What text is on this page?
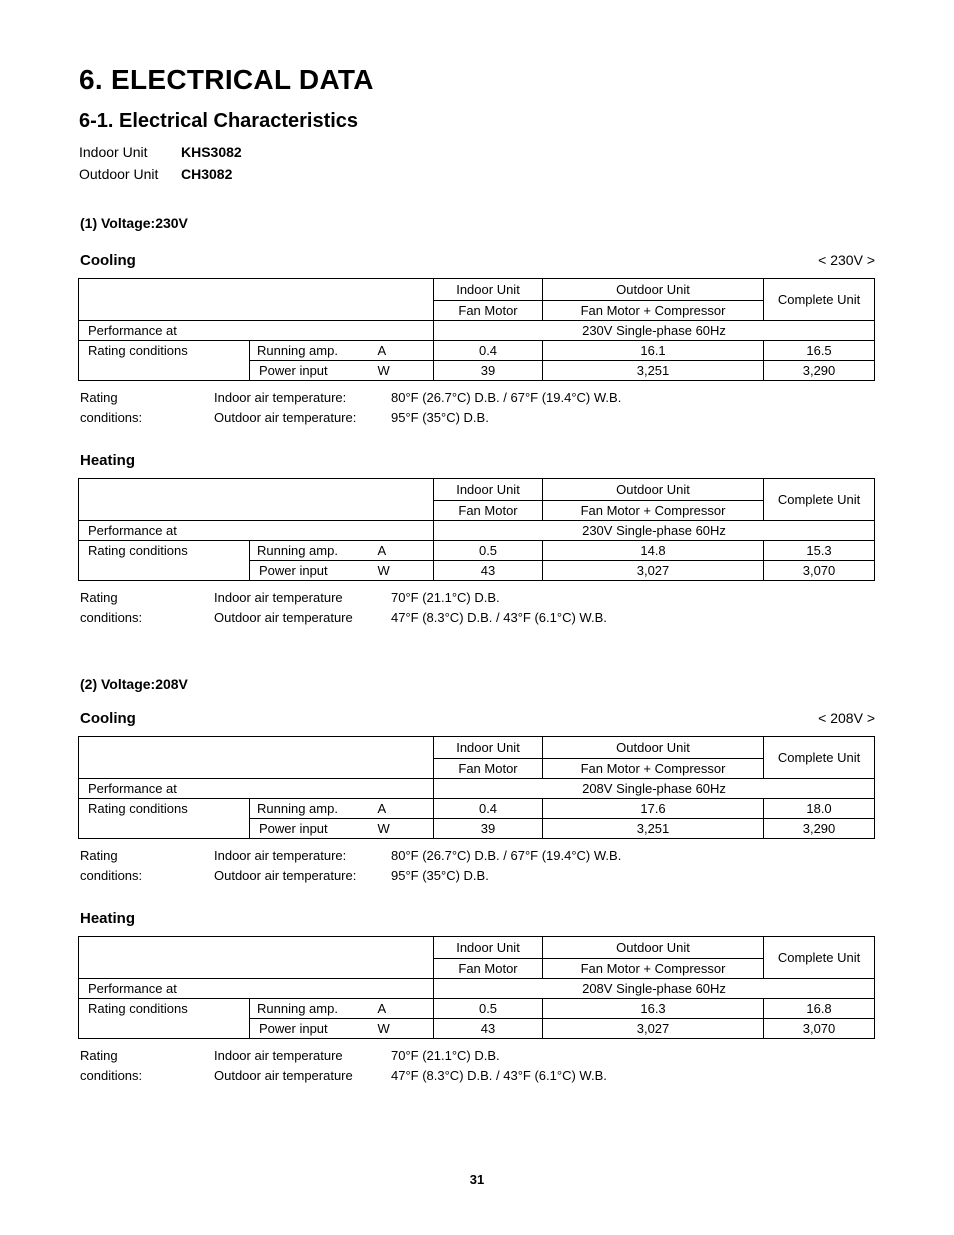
6. ELECTRICAL DATA
6-1. Electrical Characteristics
Indoor Unit KHS3082
Outdoor Unit CH3082
(1) Voltage:230V
Cooling	< 230V >
			Indoor Unit	Outdoor Unit	Complete Unit
			Fan Motor	Fan Motor + Compressor	
Performance at			230V Single-phase 60Hz		
Rating conditions	Running amp.	A	0.4	16.1	16.5
	Power input	W	39	3,251	3,290
Rating conditions:
Indoor air temperature:	80°F (26.7°C) D.B. / 67°F (19.4°C) W.B.
Outdoor air temperature:	95°F (35°C) D.B.
Heating
			Indoor Unit	Outdoor Unit	Complete Unit
			Fan Motor	Fan Motor + Compressor	
Performance at			230V Single-phase 60Hz		
Rating conditions	Running amp.	A	0.5	14.8	15.3
	Power input	W	43	3,027	3,070
Rating conditions:
Indoor air temperature	70°F (21.1°C) D.B.
Outdoor air temperature	47°F (8.3°C) D.B. / 43°F (6.1°C) W.B.
(2) Voltage:208V
Cooling	< 208V >
			Indoor Unit	Outdoor Unit	Complete Unit
			Fan Motor	Fan Motor + Compressor	
Performance at			208V Single-phase 60Hz		
Rating conditions	Running amp.	A	0.4	17.6	18.0
	Power input	W	39	3,251	3,290
Rating conditions:
Indoor air temperature:	80°F (26.7°C) D.B. / 67°F (19.4°C) W.B.
Outdoor air temperature:	95°F (35°C) D.B.
Heating
			Indoor Unit	Outdoor Unit	Complete Unit
			Fan Motor	Fan Motor + Compressor	
Performance at			208V Single-phase 60Hz		
Rating conditions	Running amp.	A	0.5	16.3	16.8
	Power input	W	43	3,027	3,070
Rating conditions:
Indoor air temperature	70°F (21.1°C) D.B.
Outdoor air temperature	47°F (8.3°C) D.B. / 43°F (6.1°C) W.B.
31
